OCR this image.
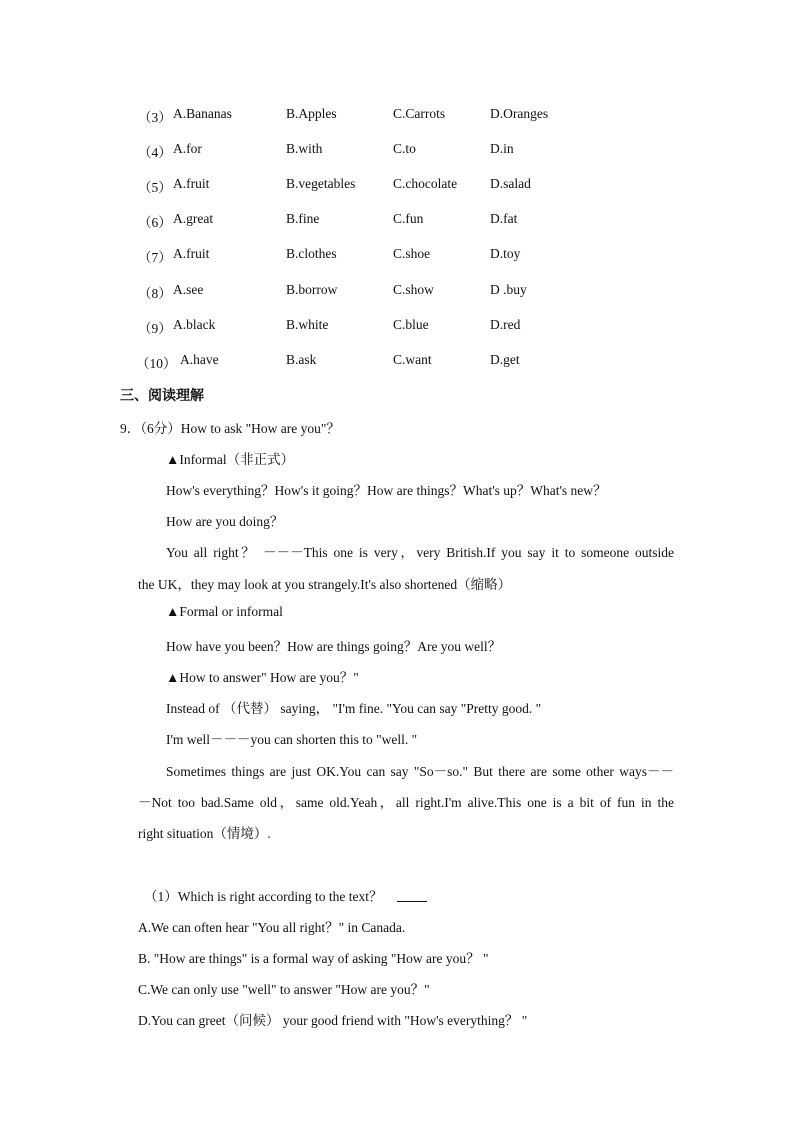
（3） A.Bananas	B.Apples	C.Carrots	D.Oranges
（4） A.for	B.with	C.to	D.in
（5） A.fruit	B.vegetables	C.chocolate D.salad
（6） A.great	B.fine	C.fun	D.fat
（7） A.fruit	B.clothes	C.shoe	D.toy
（8） A.see	B.borrow	C.show	D .buy
（9） A.black	B.white	C.blue	D.red
（10） A.have	B.ask	C.want	D.get
三、阅读理解
9．（6分）How to ask "How are you"？
▲Informal（非正式）
How's everything？How's it going？How are things？What's up？What's new？
How are you doing？
You all right？ －－－This one is very，very British.If you say it to someone outside
the UK，they may look at you strangely.It's also shortened（缩略）
▲Formal or informal
How have you been？How are things going？Are you well？
▲How to answer" How are you？"
Instead of （代替） saying， "I'm fine. "You can say "Pretty good. "
I'm well－－－you can shorten this to "well. "
Sometimes things are just OK.You can say "So－so." But there are some other ways－－
－Not too bad.Same old，same old.Yeah，all right.I'm alive.This one is a bit of fun in the
right situation（情境）.
（1）Which is right according to the text？
A.We can often hear "You all right？" in Canada.
B. "How are things" is a formal way of asking "How are you？ "
C.We can only use "well" to answer "How are you？"
D.You can greet（问候） your good friend with "How's everything？ "
